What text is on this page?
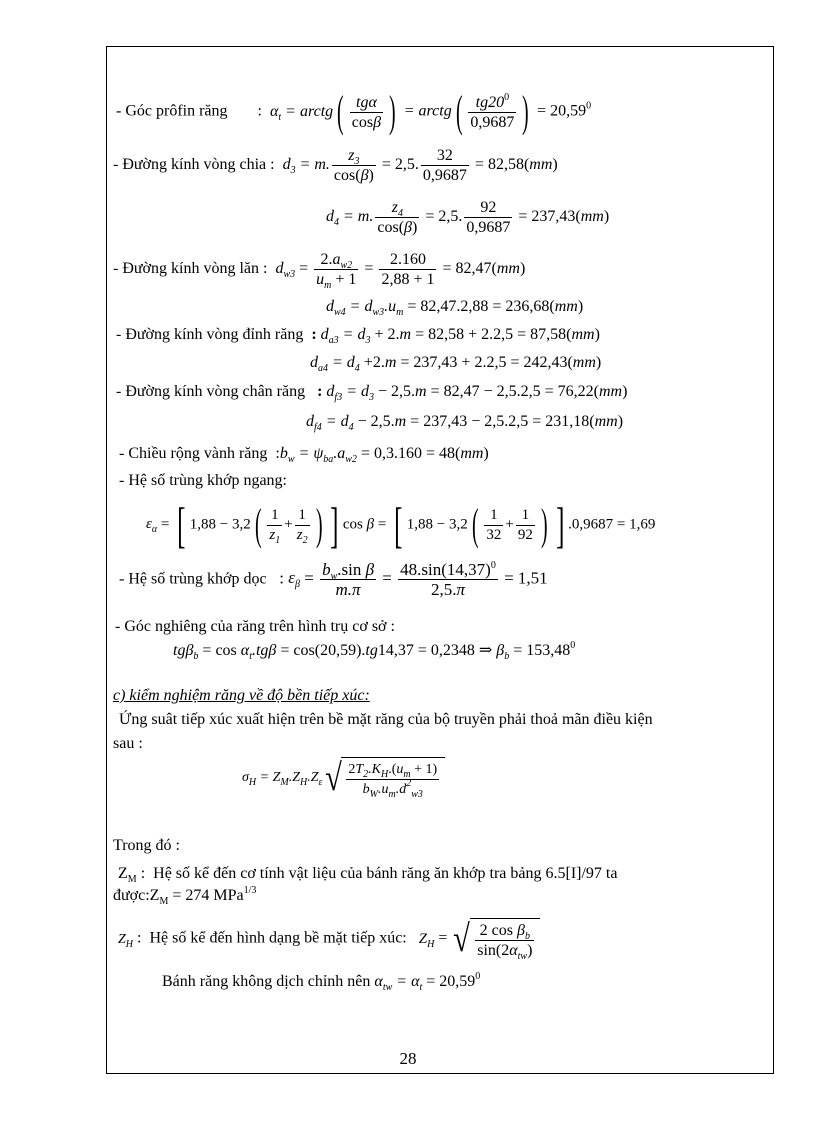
- Góc prôfin răng :  $\alpha_t$ = arctg( $\frac{\text{tgα}}{\cos\beta}$ ) = arctg( $\frac{tg20^0}{0,9687}$ ) = $20,59^0$
- Đường kính vòng chia : $d_3 = m$. $\frac{z_3}{\cos(\beta)} = 2,5$. $\frac{32}{0,9687} = 82,58(mm)$
$d_4 = m$. $\frac{z_4}{\cos(\beta)} = 2,5$. $\frac{92}{0,9687} = 237,43(mm)$
- Đường kính vòng lăn : $d_{w3} = \frac{2.a_{w2}}{u_m + 1} = \frac{2.160}{2,88 + 1} = 82,47(mm)$
$d_{w4} = d_{w3}.u_m = 82,47.2,88 = 236,68(mm)$
- Đường kính vòng đỉnh răng : $d_{a3} = d_3 + 2.m = 82,58 + 2.2,5 = 87,58(mm)$
$d_{a4} = d_4 +2.m = 237,43 + 2.2,5 = 242,43(mm)$
- Đường kính vòng chân răng : $d_{f3} = d_3 - 2,5.m = 82,47 - 2,5.2,5 = 76,22(mm)$
$d_{f4} = d_4 - 2,5.m = 237,43 - 2,5.2,5 = 231,18(mm)$
- Chiều rộng vành răng  $:b_w = \psi_{ba}.a_{w2} = 0,3.160 = 48(mm)$
- Hệ số trùng khớp ngang:
$\varepsilon_\alpha$ = [ $1,88 - 3,2( \frac{1}{z_1} + \frac{1}{z_2}$ ) ] cos β = [ $1,88 - 3,2( \frac{1}{32} + \frac{1}{92}$ ) ] .0,9687 = 1,69
- Hệ số trùng khớp dọc   : $\varepsilon_\beta = \frac{b_w.\sin \beta}{m.\pi} = \frac{48.\sin(14,37)^0}{2,5.\pi} = 1,51$
- Góc nghiêng của răng trên hình trụ cơ sở :
$tg\beta_b = \cos \alpha_t.tg\beta = \cos(20,59).tg14,37 = 0,2348$ ⇒ $\beta_b = 153,48^0$
c) kiểm nghiệm răng về độ bền tiếp xúc:
Ứng suât tiếp xúc xuất hiện trên bề mặt răng của bộ truyền phải thoả mãn điều kiện
sau :
$\sigma_H = Z_M.Z_H.Z_\varepsilon√ \frac{2T_2.K_H.(u_m + 1)}{b_W.u_m.d^2_{w3}}$
Trong đó :
$Z_M$ :  Hệ số kể đến cơ tính vật liệu của bánh răng ăn khớp tra bảng 6.5[I]/97 ta
$được:Z_M = 274$ MPa$^{1/3}$
$Z_H$ :  Hệ số kể đến hình dạng bề mặt tiếp xúc: $Z_H$ = √ $\frac{2 \cos \beta_b}{\sin(2\alpha_{tw})}$
Bánh răng không dịch chỉnh nên $\alpha_{tw} = \alpha_t = 20,59^0$
28
